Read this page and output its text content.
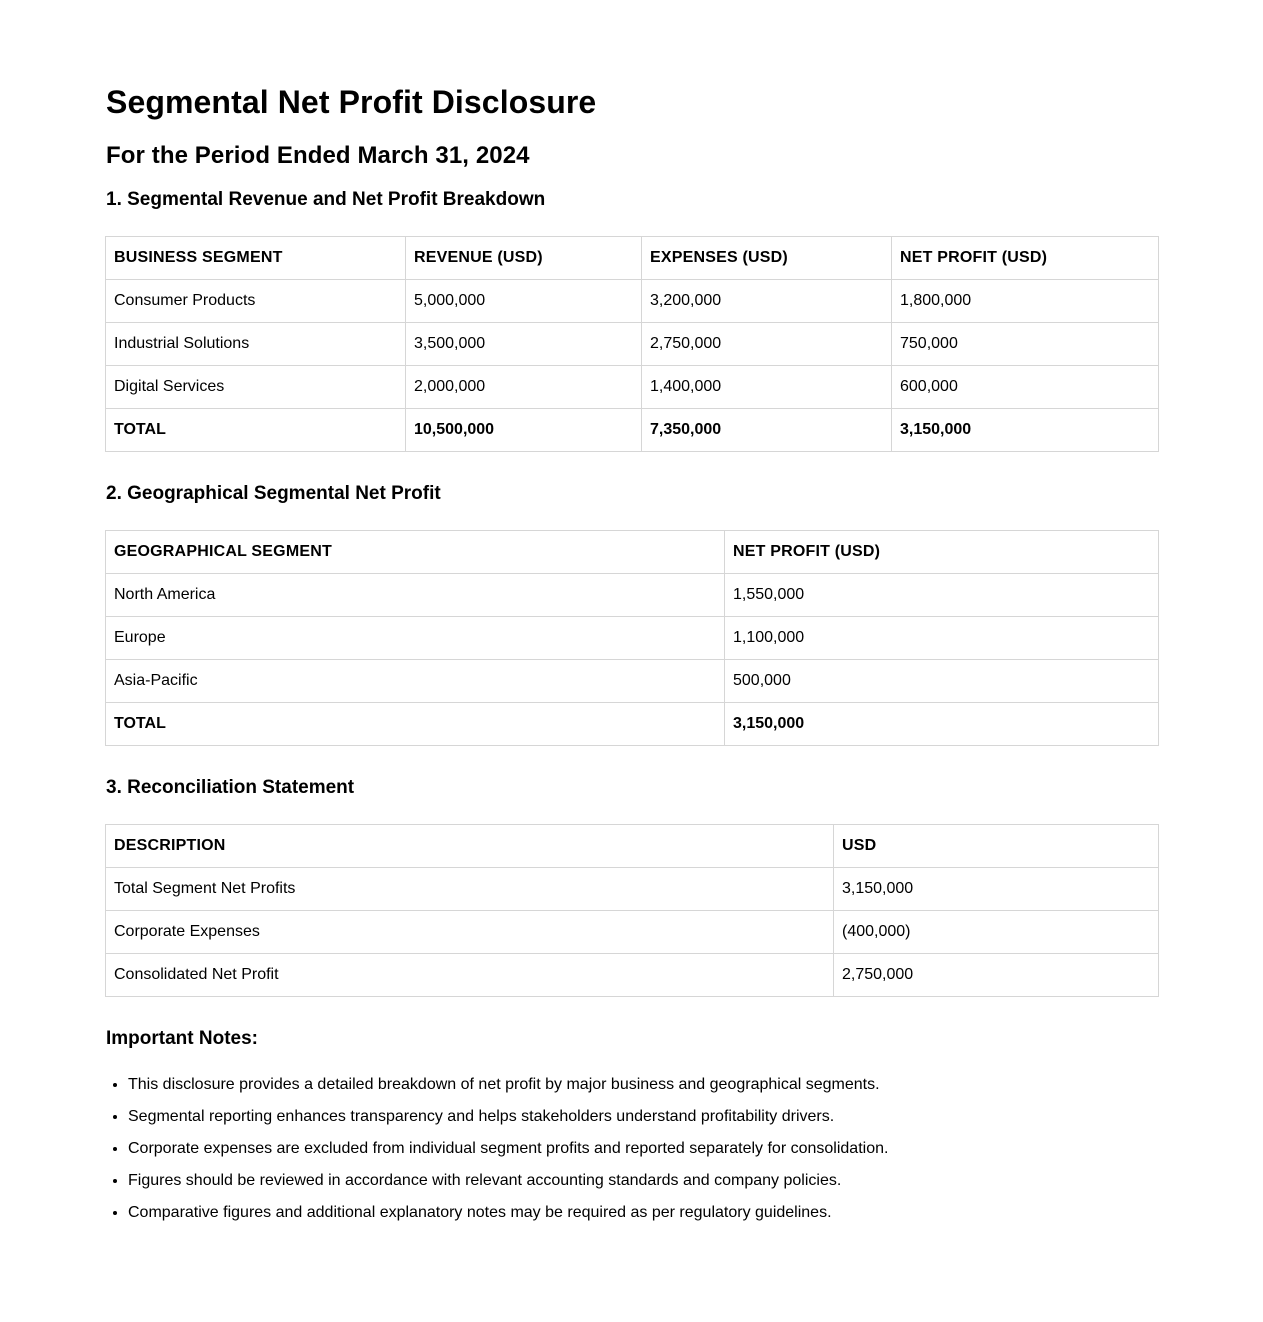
Segmental Net Profit Disclosure
For the Period Ended March 31, 2024
1. Segmental Revenue and Net Profit Breakdown
BUSINESS SEGMENT	REVENUE (USD)	EXPENSES (USD)	NET PROFIT (USD)
Consumer Products	5,000,000	3,200,000	1,800,000
Industrial Solutions	3,500,000	2,750,000	750,000
Digital Services	2,000,000	1,400,000	600,000
TOTAL	10,500,000	7,350,000	3,150,000
2. Geographical Segmental Net Profit
GEOGRAPHICAL SEGMENT	NET PROFIT (USD)
North America	1,550,000
Europe	1,100,000
Asia-Pacific	500,000
TOTAL	3,150,000
3. Reconciliation Statement
DESCRIPTION	USD
Total Segment Net Profits	3,150,000
Corporate Expenses	(400,000)
Consolidated Net Profit	2,750,000
Important Notes:
• This disclosure provides a detailed breakdown of net profit by major business and geographical segments.
• Segmental reporting enhances transparency and helps stakeholders understand profitability drivers.
• Corporate expenses are excluded from individual segment profits and reported separately for consolidation.
• Figures should be reviewed in accordance with relevant accounting standards and company policies.
• Comparative figures and additional explanatory notes may be required as per regulatory guidelines.
